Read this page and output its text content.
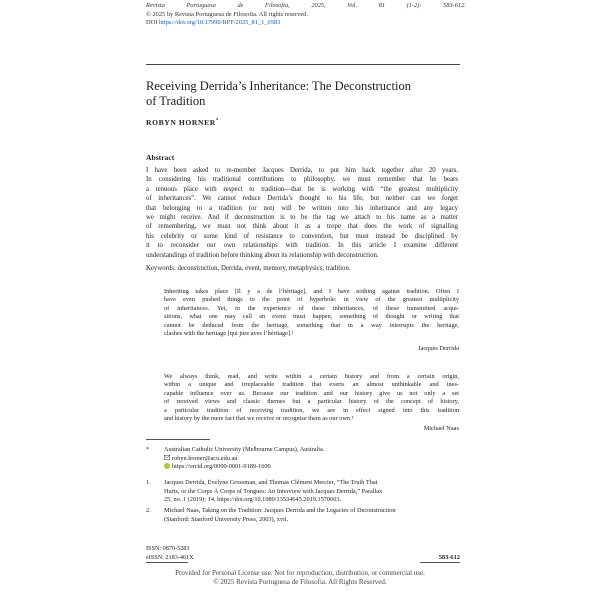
Revista Portuguesa de Filosofia, 2025, Vol. 81 (1-2): 583-612.
© 2025 by Revista Portuguesa de Filosofia. All rights reserved.
DOI https://doi.org/10.17990/RPF/2025_81_1_0583
Receiving Derrida’s Inheritance: The Deconstruction
of Tradition
ROBYN HORNER*
Abstract
I have been asked to re-member Jacques Derrida, to put him back together after 20 years.
In considering his traditional contributions to philosophy, we must remember that he bears
a tenuous place with respect to tradition—that he is working with “the greatest multiplicity
of inheritances”. We cannot reduce Derrida’s thought to his life, but neither can we forget
that belonging to a tradition (or not) will be written into his inheritance and any legacy
we might receive. And if deconstruction is to be the tag we attach to his name as a matter
of remembering, we must not think about it as a trope that does the work of signalling
his celebrity or some kind of resistance to convention, but must instead be disciplined by
it to reconsider our own relationships with tradition. In this article I examine different
understandings of tradition before thinking about its relationship with deconstruction.
Keywords: deconstruction, Derrida, event, memory, metaphysics, tradition.
Inheriting takes place [Il y a de l’héritage], and I have nothing against tradition. Often I
have even pushed things to the point of hyperbole: in view of the greatest multiplicity
of inheritances. Yet, in the experience of these inheritances, of these transmitted acqui-
sitions, what one may call an event must happen, something of thought or writing that
cannot be deduced from the heritage, something that in a way interrupts the heritage,
clashes with the heritage [qui jure avec l’héritage].¹
Jacques Derrida
We always think, read, and write within a certain history and from a certain origin,
within a unique and irreplaceable tradition that exerts an almost unthinkable and ines-
capable influence over us. Because our tradition and our history give us not only a set
of received views and classic themes but a particular history of the concept of history,
a particular tradition of receiving tradition, we are in effect signed into this tradition
and history by the mere fact that we receive or recognise them as our own.²
Michael Naas
*	Australian Catholic University (Melbourne Campus), Australia.
robyn.horner@acu.edu.au
https://orcid.org/0000-0001-9189-1600
1.	Jacques Derrida, Évelyne Grossman, and Thomas Clément Mercier, “The Truth That
Hurts, or the Corps À Corps of Tongues: An Interview with Jacques Derrida,” Parallax
25, no. 1 (2019): 14. https://doi.org/10.1080/13534645.2019.1570603.
2.	Michael Naas, Taking on the Tradition: Jacques Derrida and the Legacies of Deconstruction
(Stanford: Stanford University Press, 2003), xvii.
ISSN: 0870-5283
eISSN: 2183-461X	583-612
Provided for Personal License use. Not for reproduction, distribution, or commercial use.
© 2025 Revista Portuguesa de Filosofia. All Rights Reserved.
